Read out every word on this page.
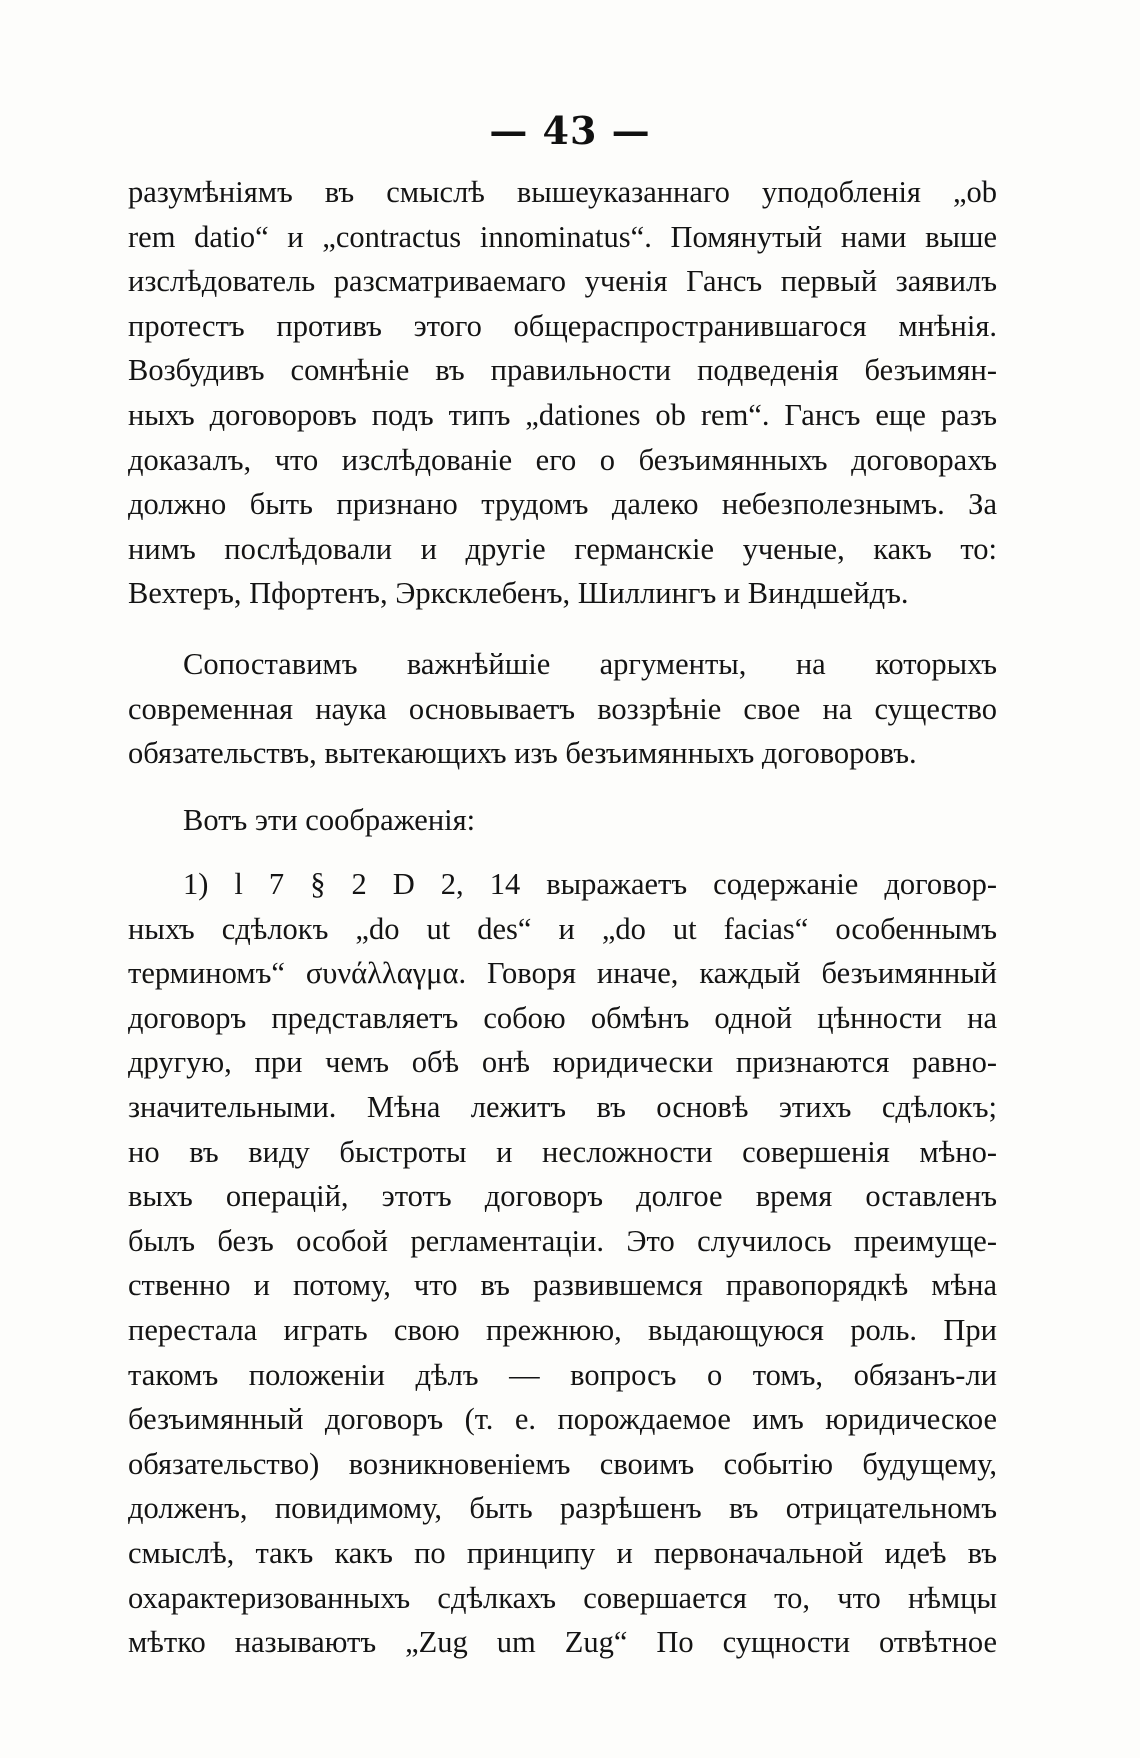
— 43 —

разумѣніямъ въ смыслѣ вышеуказаннаго уподобленія „ob
rem datio“ и „contractus innominatus“. Помянутый нами выше
изслѣдователь разсматриваемаго ученія Гансъ первый заявилъ
протестъ противъ этого общераспространившагося мнѣнія.
Возбудивъ сомнѣніе въ правильности подведенія безъимян-
ныхъ договоровъ подъ типъ „dationes ob rem“. Гансъ еще разъ
доказалъ, что изслѣдованіе его о безъимянныхъ договорахъ
должно быть признано трудомъ далеко небезполезнымъ. За
нимъ послѣдовали и другіе германскіе ученые, какъ то:
Вехтеръ, Пфортенъ, Эрксклебенъ, Шиллингъ и Виндшейдъ.

Сопоставимъ важнѣйшіе аргументы, на которыхъ
современная наука основываетъ воззрѣніе свое на существо
обязательствъ, вытекающихъ изъ безъимянныхъ договоровъ.

Вотъ эти соображенія:

1) l 7 § 2 D 2, 14 выражаетъ содержаніе договор-
ныхъ сдѣлокъ „do ut des“ и „do ut facias“ особеннымъ
терминомъ“ συνάλλαγμα. Говоря иначе, каждый безъимянный
договоръ представляетъ собою обмѣнъ одной цѣнности на
другую, при чемъ обѣ онѣ юридически признаются равно-
значительными. Мѣна лежитъ въ основѣ этихъ сдѣлокъ;
но въ виду быстроты и несложности совершенія мѣно-
выхъ операцій, этотъ договоръ долгое время оставленъ
былъ безъ особой регламентаціи. Это случилось преимуще-
ственно и потому, что въ развившемся правопорядкѣ мѣна
перестала играть свою прежнюю, выдающуюся роль. При
такомъ положеніи дѣлъ — вопросъ о томъ, обязанъ-ли
безъимянный договоръ (т. е. порождаемое имъ юридическое
обязательство) возникновеніемъ своимъ событію будущему,
долженъ, повидимому, быть разрѣшенъ въ отрицательномъ
смыслѣ, такъ какъ по принципу и первоначальной идеѣ въ
охарактеризованныхъ сдѣлкахъ совершается то, что нѣмцы
мѣтко называютъ „Zug um Zug“ По сущности отвѣтное
